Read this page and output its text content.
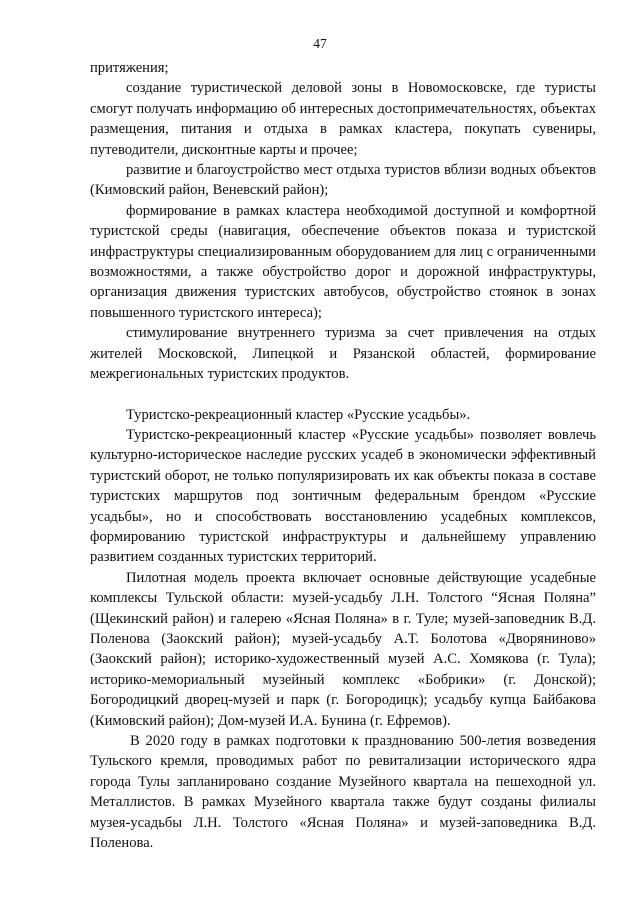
47

притяжения;

создание туристической деловой зоны в Новомосковске, где туристы смогут получать информацию об интересных достопримечательностях, объектах размещения, питания и отдыха в рамках кластера, покупать сувениры, путеводители, дисконтные карты и прочее;

развитие и благоустройство мест отдыха туристов вблизи водных объектов (Кимовский район, Веневский район);

формирование в рамках кластера необходимой доступной и комфортной туристской среды (навигация, обеспечение объектов показа и туристской инфраструктуры специализированным оборудованием для лиц с ограниченными возможностями, а также обустройство дорог и дорожной инфраструктуры, организация движения туристских автобусов, обустройство стоянок в зонах повышенного туристского интереса);

стимулирование внутреннего туризма за счет привлечения на отдых жителей Московской, Липецкой и Рязанской областей, формирование межрегиональных туристских продуктов.

Туристско-рекреационный кластер «Русские усадьбы».

Туристско-рекреационный кластер «Русские усадьбы» позволяет вовлечь культурно-историческое наследие русских усадеб в экономически эффективный туристский оборот, не только популяризировать их как объекты показа в составе туристских маршрутов под зонтичным федеральным брендом «Русские усадьбы», но и способствовать восстановлению усадебных комплексов, формированию туристской инфраструктуры и дальнейшему управлению развитием созданных туристских территорий.

Пилотная модель проекта включает основные действующие усадебные комплексы Тульской области: музей-усадьбу Л.Н. Толстого “Ясная Поляна” (Щекинский район) и галерею «Ясная Поляна» в г. Туле; музей-заповедник В.Д. Поленова (Заокский район); музей-усадьбу А.Т. Болотова «Дворяниново» (Заокский район); историко-художественный музей А.С. Хомякова (г. Тула); историко-мемориальный музейный комплекс «Бобрики» (г. Донской); Богородицкий дворец-музей и парк (г. Богородицк); усадьбу купца Байбакова (Кимовский район); Дом-музей И.А. Бунина (г. Ефремов).

В 2020 году в рамках подготовки к празднованию 500-летия возведения Тульского кремля, проводимых работ по ревитализации исторического ядра города Тулы запланировано создание Музейного квартала на пешеходной ул. Металлистов. В рамках Музейного квартала также будут созданы филиалы музея-усадьбы Л.Н. Толстого «Ясная Поляна» и музей-заповедника В.Д. Поленова.
